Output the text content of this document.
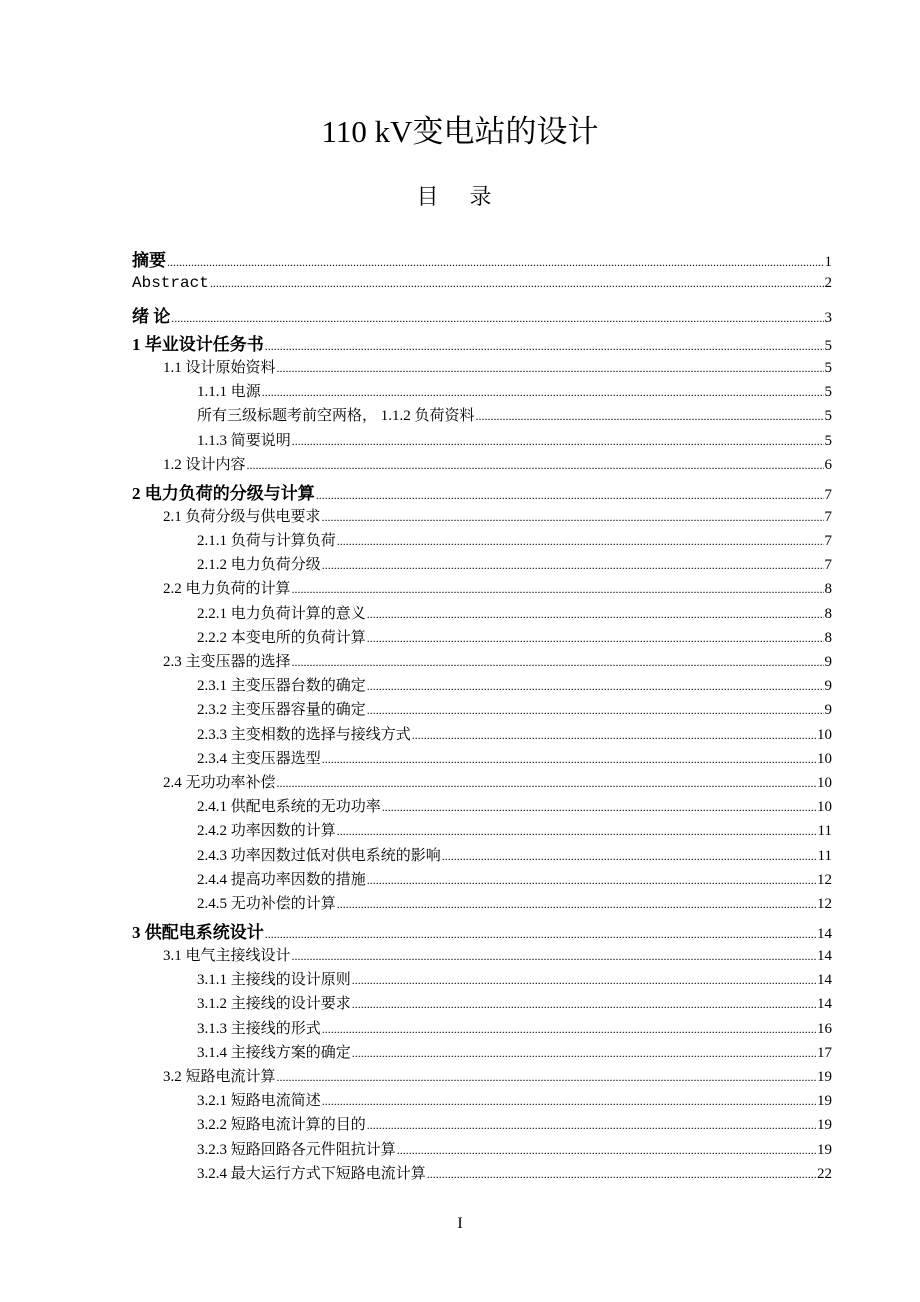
110 kV变电站的设计
目 录
摘要 .....	1
Abstract .....	2
绪 论 .....	3
1 毕业设计任务书 .....	5
1.1 设计原始资料 .....	5
1.1.1 电源 .....	5
所有三级标题考前空两格， 1.1.2 负荷资料 .....	5
1.1.3 简要说明 .....	5
1.2 设计内容 .....	6
2 电力负荷的分级与计算 .....	7
2.1 负荷分级与供电要求 .....	7
2.1.1 负荷与计算负荷 .....	7
2.1.2 电力负荷分级 .....	7
2.2 电力负荷的计算 .....	8
2.2.1 电力负荷计算的意义 .....	8
2.2.2 本变电所的负荷计算 .....	8
2.3 主变压器的选择 .....	9
2.3.1 主变压器台数的确定 .....	9
2.3.2 主变压器容量的确定 .....	9
2.3.3 主变相数的选择与接线方式 .....	10
2.3.4 主变压器选型 .....	10
2.4 无功功率补偿 .....	10
2.4.1 供配电系统的无功功率 .....	10
2.4.2 功率因数的计算 .....	11
2.4.3 功率因数过低对供电系统的影响 .....	11
2.4.4 提高功率因数的措施 .....	12
2.4.5 无功补偿的计算 .....	12
3 供配电系统设计 .....	14
3.1 电气主接线设计 .....	14
3.1.1 主接线的设计原则 .....	14
3.1.2 主接线的设计要求 .....	14
3.1.3 主接线的形式 .....	16
3.1.4 主接线方案的确定 .....	17
3.2 短路电流计算 .....	19
3.2.1 短路电流简述 .....	19
3.2.2 短路电流计算的目的 .....	19
3.2.3 短路回路各元件阻抗计算 .....	19
3.2.4 最大运行方式下短路电流计算 .....	22
I
